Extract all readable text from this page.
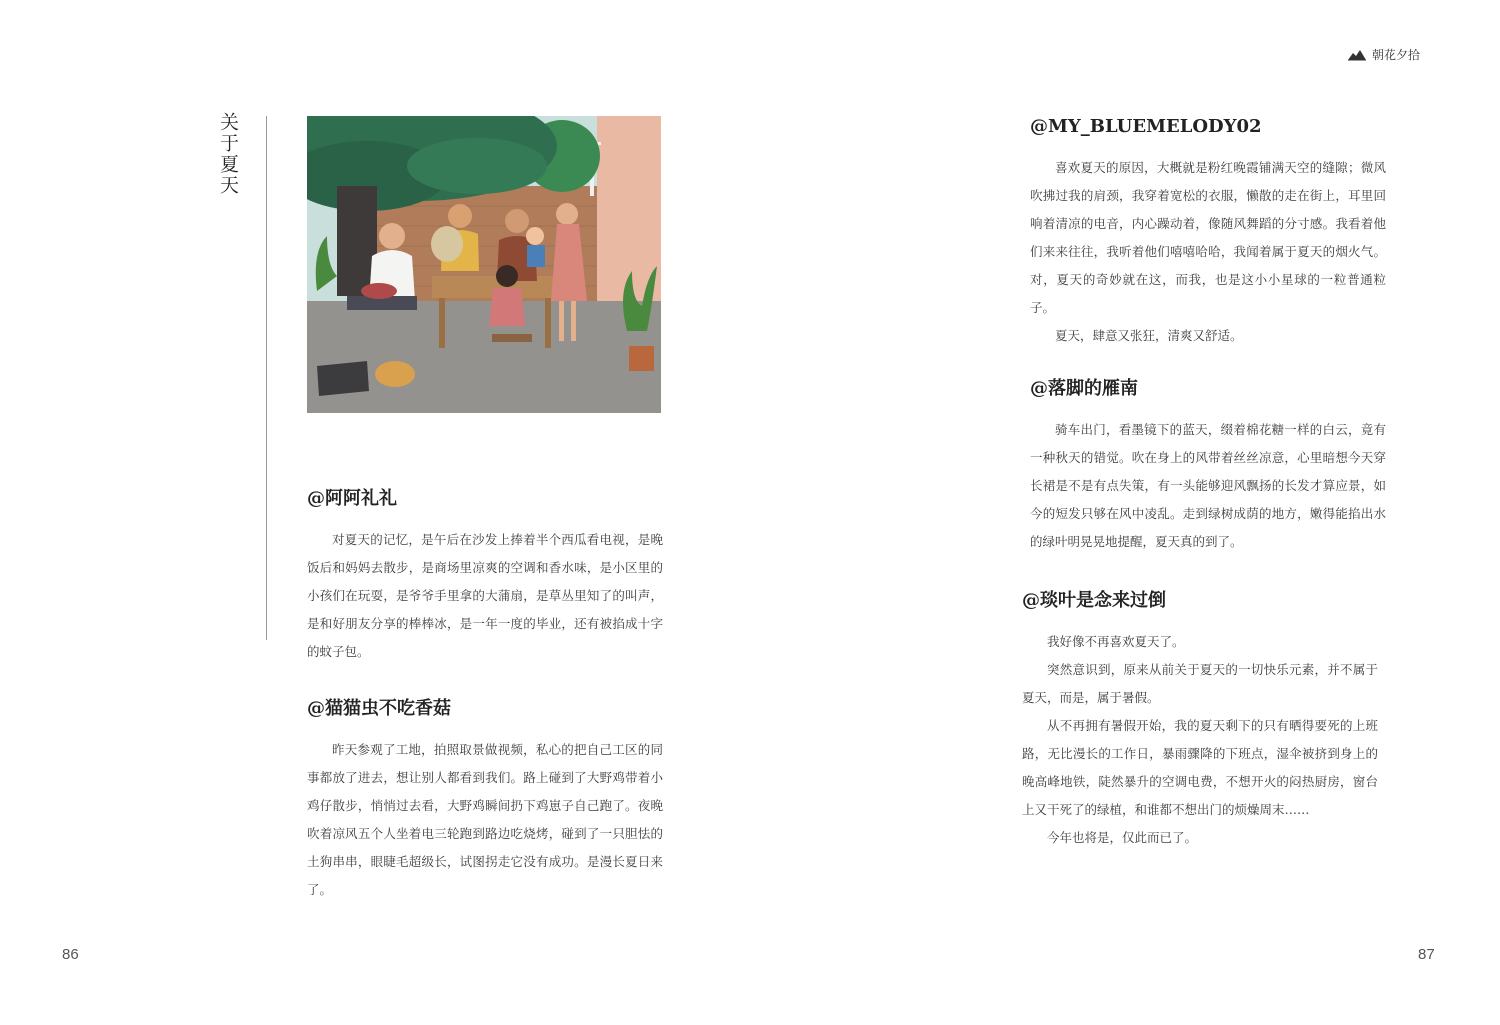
关于夏天
@阿阿礼礼

对夏天的记忆，是午后在沙发上捧着半个西瓜看电视，是晚饭后和妈妈去散步，是商场里凉爽的空调和香水味，是小区里的小孩们在玩耍，是爷爷手里拿的大蒲扇，是草丛里知了的叫声，是和好朋友分享的棒棒冰，是一年一度的毕业，还有被掐成十字的蚊子包。

@猫猫虫不吃香菇

昨天参观了工地，拍照取景做视频，私心的把自己工区的同事都放了进去，想让别人都看到我们。路上碰到了大野鸡带着小鸡仔散步，悄悄过去看，大野鸡瞬间扔下鸡崽子自己跑了。夜晚吹着凉风五个人坐着电三轮跑到路边吃烧烤，碰到了一只胆怯的土狗串串，眼睫毛超级长，试图拐走它没有成功。是漫长夏日来了。

86
朝花夕拾
@MY_BLUEMELODY02

喜欢夏天的原因，大概就是粉红晚霞铺满天空的缝隙；微风吹拂过我的肩颈，我穿着宽松的衣服，懒散的走在街上，耳里回响着清凉的电音，内心躁动着，像随风舞蹈的分寸感。我看着他们来来往往，我听着他们嘻嘻哈哈，我闻着属于夏天的烟火气。对，夏天的奇妙就在这，而我，也是这小小星球的一粒普通粒子。

夏天，肆意又张狂，清爽又舒适。

@落脚的雁南

骑车出门，看墨镜下的蓝天，缀着棉花糖一样的白云，竟有一种秋天的错觉。吹在身上的风带着丝丝凉意，心里暗想今天穿长裙是不是有点失策，有一头能够迎风飘扬的长发才算应景，如今的短发只够在风中凌乱。走到绿树成荫的地方，嫩得能掐出水的绿叶明晃晃地提醒，夏天真的到了。

@琰叶是念来过倒

我好像不再喜欢夏天了。

突然意识到，原来从前关于夏天的一切快乐元素，并不属于夏天，而是，属于暑假。

从不再拥有暑假开始，我的夏天剩下的只有晒得要死的上班路，无比漫长的工作日，暴雨骤降的下班点，湿伞被挤到身上的晚高峰地铁，陡然暴升的空调电费，不想开火的闷热厨房，窗台上又干死了的绿植，和谁都不想出门的烦燥周末……

今年也将是，仅此而已了。

87
